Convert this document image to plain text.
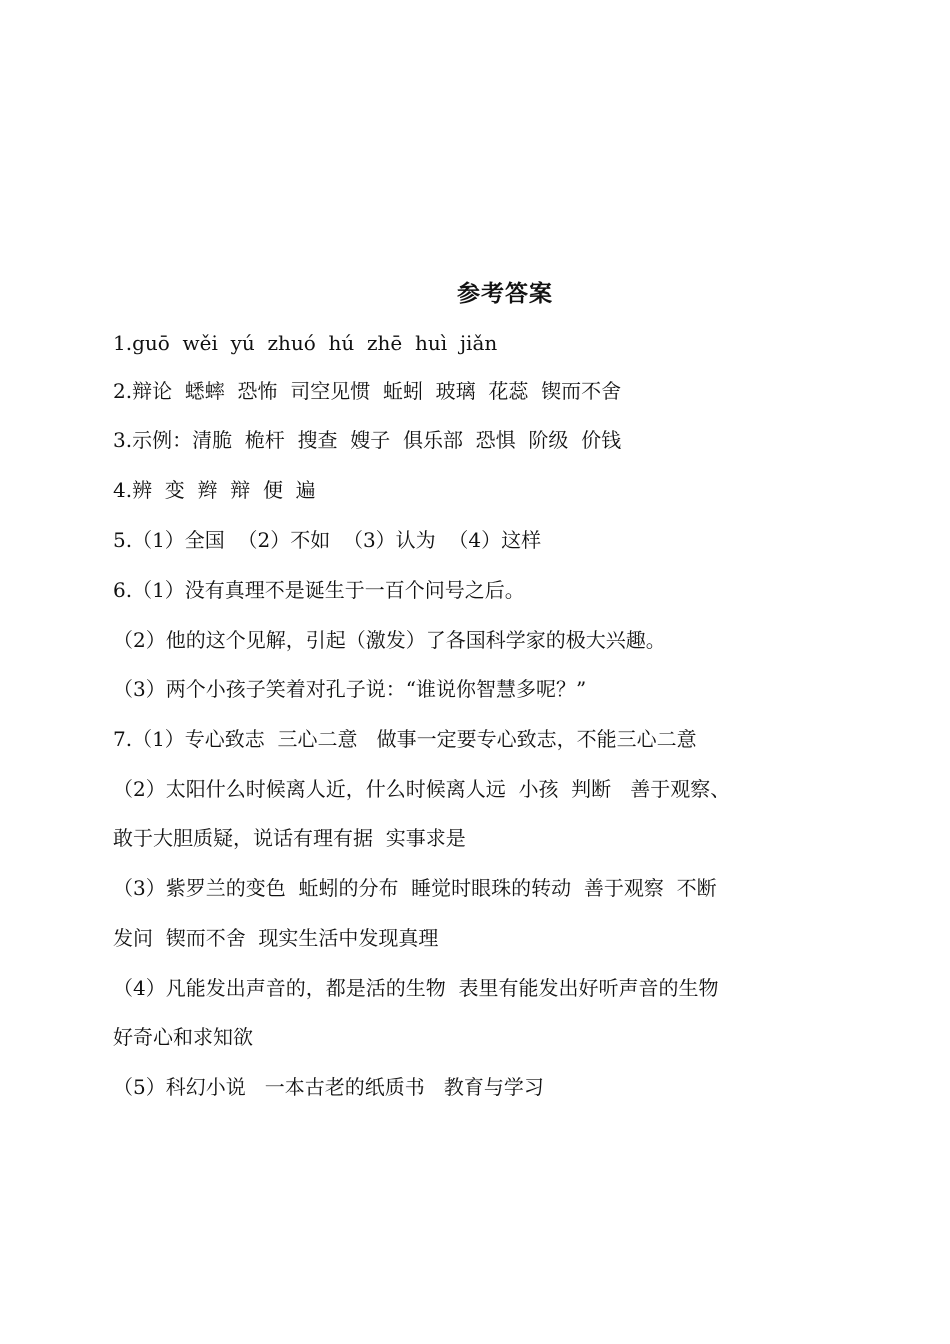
参考答案
1.guō  wěi  yú  zhuó  hú  zhē  huì  jiǎn
2.辩论  蟋蟀  恐怖  司空见惯  蚯蚓  玻璃  花蕊  锲而不舍
3.示例：清脆  桅杆  搜查  嫂子  俱乐部  恐惧  阶级  价钱
4.辨  变  辫  辩  便  遍
5.（1）全国  （2）不如  （3）认为  （4）这样
6.（1）没有真理不是诞生于一百个问号之后。
（2）他的这个见解，引起（激发）了各国科学家的极大兴趣。
（3）两个小孩子笑着对孔子说：“谁说你智慧多呢？”
7.（1）专心致志  三心二意   做事一定要专心致志，不能三心二意
（2）太阳什么时候离人近，什么时候离人远  小孩  判断   善于观察、
敢于大胆质疑，说话有理有据  实事求是
（3）紫罗兰的变色  蚯蚓的分布  睡觉时眼珠的转动  善于观察  不断
发问  锲而不舍  现实生活中发现真理
（4）凡能发出声音的，都是活的生物  表里有能发出好听声音的生物
好奇心和求知欲
（5）科幻小说   一本古老的纸质书   教育与学习
